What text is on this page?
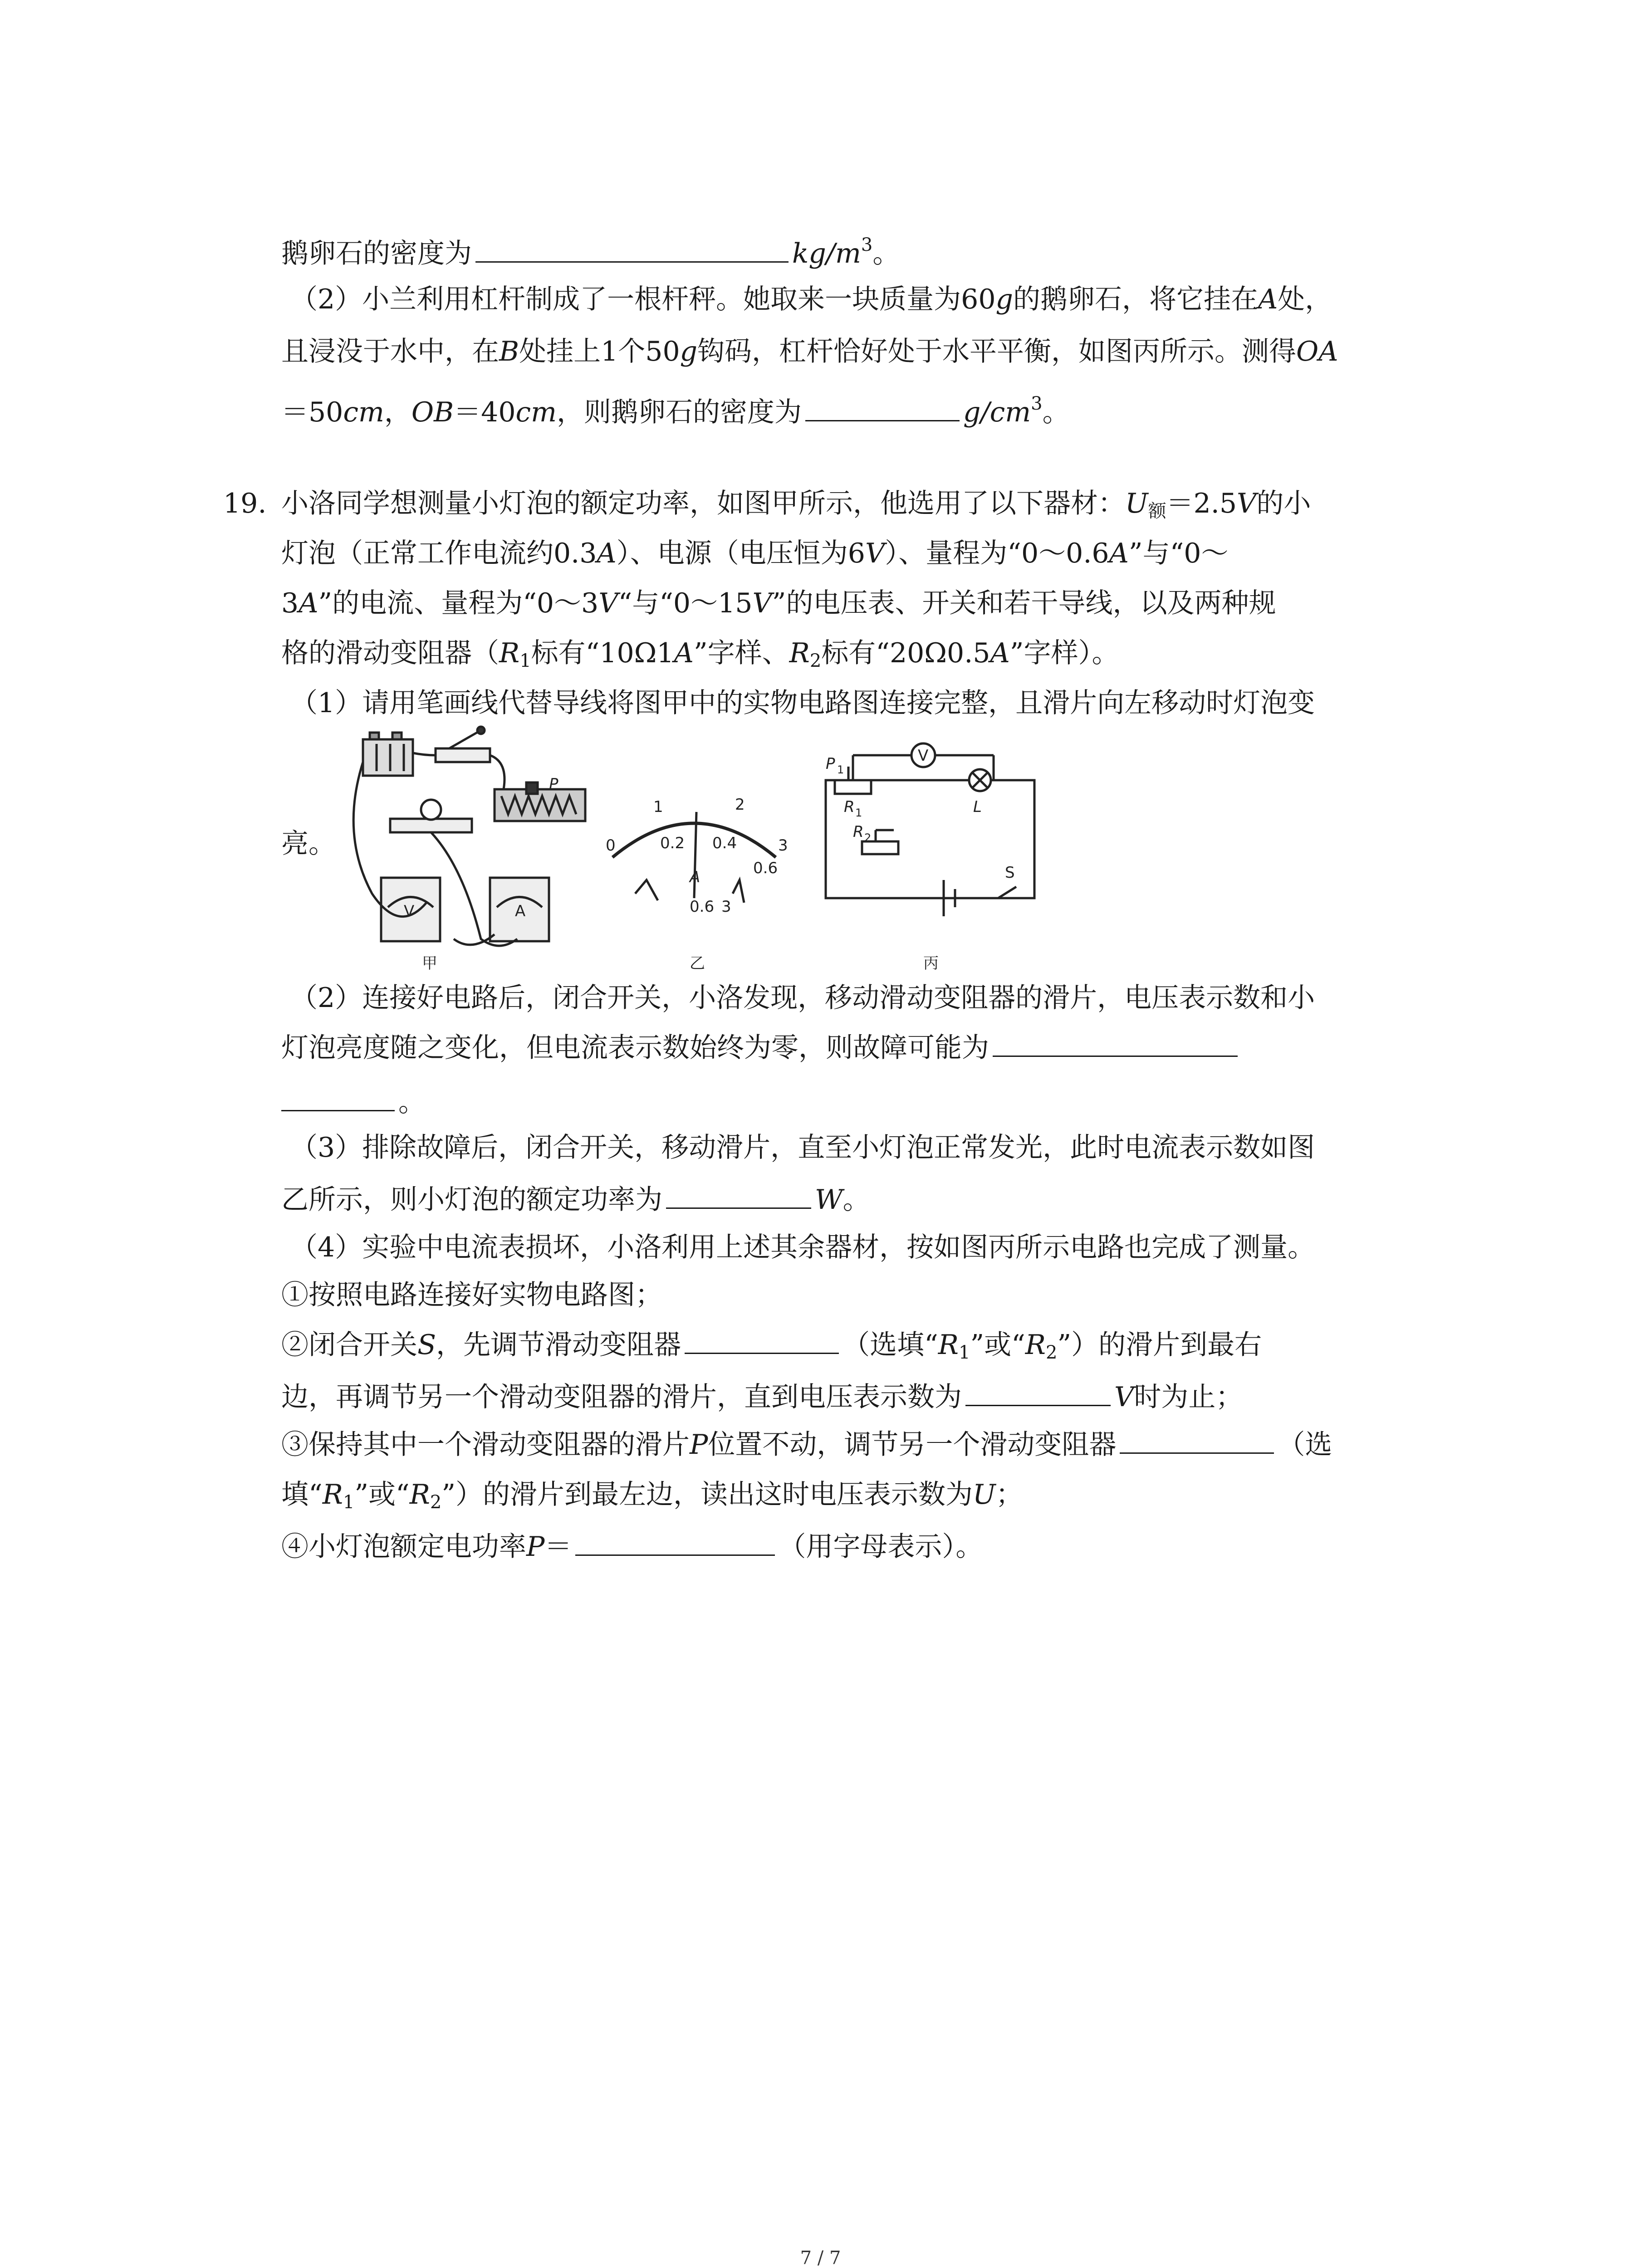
鹅卵石的密度为	$kg/m^3$。
（2）小兰利用杠杆制成了一根杆秤。她取来一块质量为60g的鹅卵石，将它挂在A处，
且浸没于水中，在B处挂上1个50g钩码，杠杆恰好处于水平平衡，如图丙所示。测得OA
＝50cm，OB＝40cm，则鹅卵石的密度为	$g/cm^3$。
19. 小洛同学想测量小灯泡的额定功率，如图甲所示，他选用了以下器材：$U_额=2.5V$的小
灯泡（正常工作电流约0.3A）、电源（电压恒为6V）、量程为“0～0.6A”与“0～
3A”的电流、量程为“0～3V“与“0～15V”的电压表、开关和若干导线，以及两种规
格的滑动变阻器（$R_1$标有“10Ω1A”字样、$R_2$标有“20Ω0.5A”字样）。
（1）请用笔画线代替导线将图甲中的实物电路图连接完整，且滑片向左移动时灯泡变
亮。
P
V	A
甲
1	2
0	3
0.2 0.4
0.6
A
0.6 3
乙
P 1
V
R 1	L
R 2
S
丙
（2）连接好电路后，闭合开关，小洛发现，移动滑动变阻器的滑片，电压表示数和小
灯泡亮度随之变化，但电流表示数始终为零，则故障可能为
。
（3）排除故障后，闭合开关，移动滑片，直至小灯泡正常发光，此时电流表示数如图
乙所示，则小灯泡的额定功率为	W。
（4）实验中电流表损坏，小洛利用上述其余器材，按如图丙所示电路也完成了测量。
①按照电路连接好实物电路图；
②闭合开关S，先调节滑动变阻器	（选填“$R_1$”或“$R_2$”）的滑片到最右
边，再调节另一个滑动变阻器的滑片，直到电压表示数为	V时为止；
③保持其中一个滑动变阻器的滑片P位置不动，调节另一个滑动变阻器	（选
填“$R_1$”或“$R_2$”）的滑片到最左边，读出这时电压表示数为U；
④小灯泡额定电功率P＝	（用字母表示）。
7 / 7
